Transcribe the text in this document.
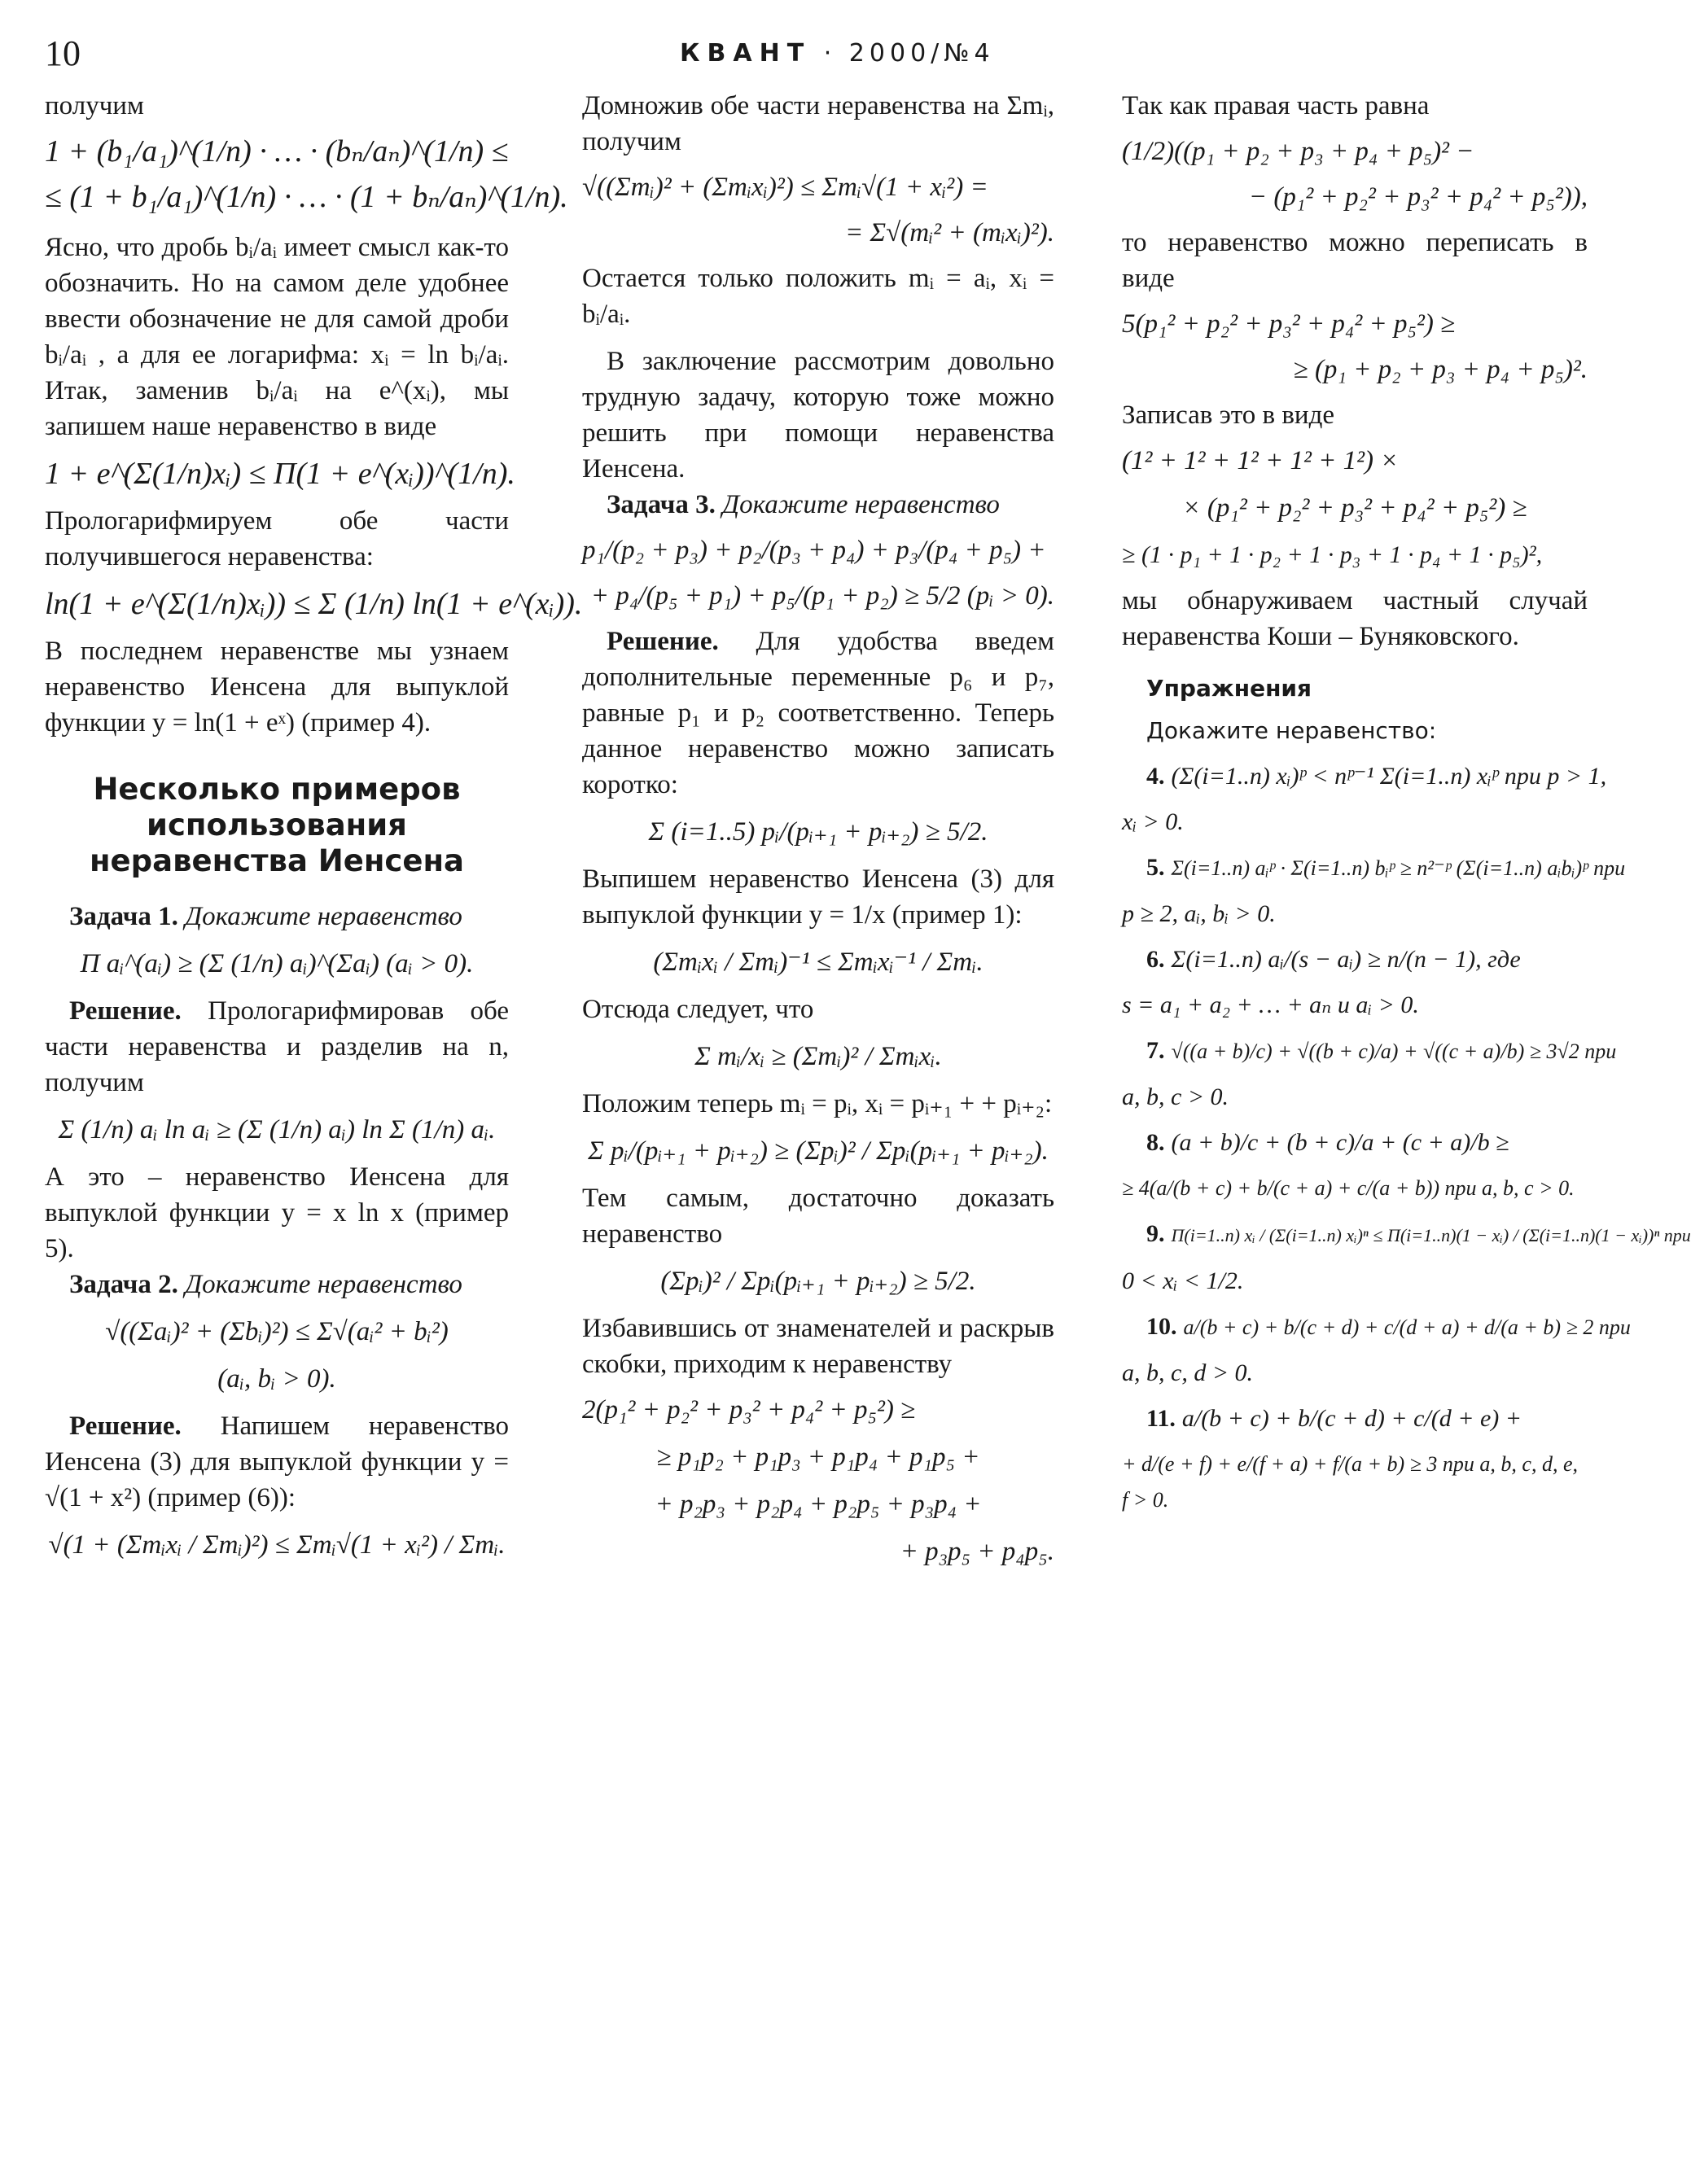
10	КВАНТ · 2000/№4

получим

1 + (b₁/a₁)^(1/n) · … · (bₙ/aₙ)^(1/n) ≤
≤ (1 + b₁/a₁)^(1/n) · … · (1 + bₙ/aₙ)^(1/n).

Ясно, что дробь bᵢ/aᵢ имеет смысл как-то обозначить. Но на самом деле удобнее ввести обозначение не для самой дроби bᵢ/aᵢ , а для ее логарифма: xᵢ = ln bᵢ/aᵢ. Итак, заменив bᵢ/aᵢ на e^(xᵢ), мы запишем наше неравенство в виде

1 + e^(Σ(1/n)xᵢ) ≤ Π(1 + e^(xᵢ))^(1/n).

Прологарифмируем обе части получившегося неравенства:

ln(1 + e^(Σ(1/n)xᵢ)) ≤ Σ (1/n) ln(1 + e^(xᵢ)).

В последнем неравенстве мы узнаем неравенство Иенсена для выпуклой функции y = ln(1 + eˣ) (пример 4).

Несколько примеров использования неравенства Иенсена

Задача 1. Докажите неравенство

Π aᵢ^(aᵢ) ≥ (Σ (1/n) aᵢ)^(Σaᵢ) (aᵢ > 0).

Решение. Прологарифмировав обе части неравенства и разделив на n, получим

Σ (1/n) aᵢ ln aᵢ ≥ (Σ (1/n) aᵢ) ln Σ (1/n) aᵢ.

А это – неравенство Иенсена для выпуклой функции y = x ln x (пример 5).

Задача 2. Докажите неравенство

√((Σaᵢ)² + (Σbᵢ)²) ≤ Σ√(aᵢ² + bᵢ²)
(aᵢ, bᵢ > 0).

Решение. Напишем неравенство Иенсена (3) для выпуклой функции y = √(1 + x²) (пример (6)):

√(1 + (Σmᵢxᵢ / Σmᵢ)²) ≤ Σmᵢ√(1 + xᵢ²) / Σmᵢ.

Домножив обе части неравенства на Σmᵢ, получим

√((Σmᵢ)² + (Σmᵢxᵢ)²) ≤ Σmᵢ√(1 + xᵢ²) =
= Σ√(mᵢ² + (mᵢxᵢ)²).

Остается только положить mᵢ = aᵢ, xᵢ = bᵢ/aᵢ.

В заключение рассмотрим довольно трудную задачу, которую тоже можно решить при помощи неравенства Иенсена.

Задача 3. Докажите неравенство

p₁/(p₂ + p₃) + p₂/(p₃ + p₄) + p₃/(p₄ + p₅) +
+ p₄/(p₅ + p₁) + p₅/(p₁ + p₂) ≥ 5/2 (pᵢ > 0).

Решение. Для удобства введем дополнительные переменные p₆ и p₇, равные p₁ и p₂ соответственно. Теперь данное неравенство можно записать коротко:

Σ (i=1..5) pᵢ/(pᵢ₊₁ + pᵢ₊₂) ≥ 5/2.

Выпишем неравенство Иенсена (3) для выпуклой функции y = 1/x (пример 1):

(Σmᵢxᵢ / Σmᵢ)⁻¹ ≤ Σmᵢxᵢ⁻¹ / Σmᵢ.

Отсюда следует, что

Σ mᵢ/xᵢ ≥ (Σmᵢ)² / Σmᵢxᵢ.

Положим теперь mᵢ = pᵢ, xᵢ = pᵢ₊₁ + + pᵢ₊₂:

Σ pᵢ/(pᵢ₊₁ + pᵢ₊₂) ≥ (Σpᵢ)² / Σpᵢ(pᵢ₊₁ + pᵢ₊₂).

Тем самым, достаточно доказать неравенство

(Σpᵢ)² / Σpᵢ(pᵢ₊₁ + pᵢ₊₂) ≥ 5/2.

Избавившись от знаменателей и раскрыв скобки, приходим к неравенству

2(p₁² + p₂² + p₃² + p₄² + p₅²) ≥
≥ p₁p₂ + p₁p₃ + p₁p₄ + p₁p₅ +
+ p₂p₃ + p₂p₄ + p₂p₅ + p₃p₄ +
+ p₃p₅ + p₄p₅.

Так как правая часть равна

(1/2)((p₁ + p₂ + p₃ + p₄ + p₅)² −
− (p₁² + p₂² + p₃² + p₄² + p₅²)),

то неравенство можно переписать в виде

5(p₁² + p₂² + p₃² + p₄² + p₅²) ≥
≥ (p₁ + p₂ + p₃ + p₄ + p₅)².

Записав это в виде

(1² + 1² + 1² + 1² + 1²) ×
× (p₁² + p₂² + p₃² + p₄² + p₅²) ≥
≥ (1 · p₁ + 1 · p₂ + 1 · p₃ + 1 · p₄ + 1 · p₅)²,

мы обнаруживаем частный случай неравенства Коши – Буняковского.

Упражнения
Докажите неравенство:
4. (Σ(i=1..n) xᵢ)ᵖ < nᵖ⁻¹ Σ(i=1..n) xᵢᵖ при p > 1,
xᵢ > 0.
5. Σ(i=1..n) aᵢᵖ · Σ(i=1..n) bᵢᵖ ≥ n²⁻ᵖ (Σ(i=1..n) aᵢbᵢ)ᵖ при
p ≥ 2, aᵢ, bᵢ > 0.
6. Σ(i=1..n) aᵢ/(s − aᵢ) ≥ n/(n − 1), где
s = a₁ + a₂ + … + aₙ и aᵢ > 0.
7. √((a + b)/c) + √((b + c)/a) + √((c + a)/b) ≥ 3√2 при
a, b, c > 0.
8. (a + b)/c + (b + c)/a + (c + a)/b ≥
≥ 4(a/(b + c) + b/(c + a) + c/(a + b)) при a, b, c > 0.
9. Π(i=1..n) xᵢ / (Σ(i=1..n) xᵢ)ⁿ ≤ Π(i=1..n)(1 − xᵢ) / (Σ(i=1..n)(1 − xᵢ))ⁿ при
0 < xᵢ < 1/2.
10. a/(b + c) + b/(c + d) + c/(d + a) + d/(a + b) ≥ 2 при
a, b, c, d > 0.
11. a/(b + c) + b/(c + d) + c/(d + e) +
+ d/(e + f) + e/(f + a) + f/(a + b) ≥ 3 при a, b, c, d, e, f > 0.
